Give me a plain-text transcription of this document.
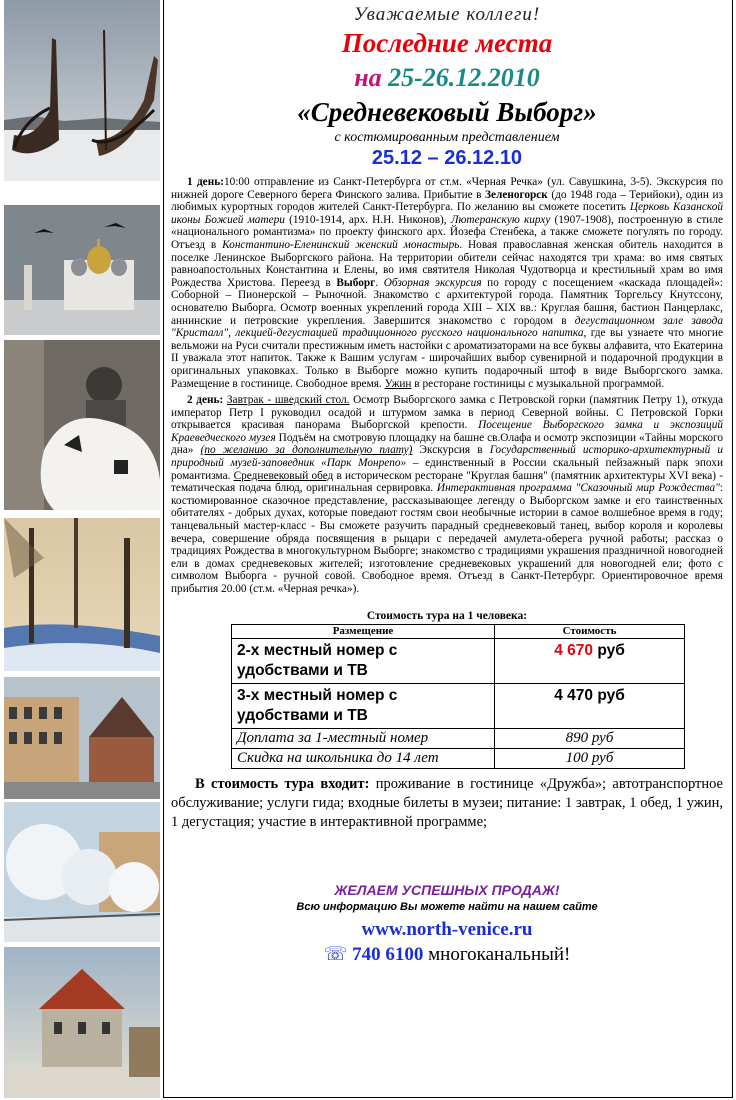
Уважаемые коллеги!
Последние места
на 25-26.12.2010
«Средневековый Выборг»
с костюмированным представлением
25.12 – 26.12.10

1 день:10:00 отправление из Санкт-Петербурга от ст.м. «Черная Речка» (ул. Савушкина, 3-5). Экскурсия по нижней дороге Северного берега Финского залива. Прибытие в Зеленогорск (до 1948 года – Терийоки), один из любимых курортных городов жителей Санкт-Петербурга. По желанию вы сможете посетить Церковь Казанской иконы Божией матери (1910-1914, арх. Н.Н. Никонов), Лютеранскую кирху (1907-1908), построенную в стиле «национального романтизма» по проекту финского арх. Йозефа Стенбека, а также сможете погулять по городу. Отъезд в Константино-Еленинский женский монастырь. Новая православная женская обитель находится в поселке Ленинское Выборгского района. На территории обители сейчас находятся три храма: во имя святых равноапостольных Константина и Елены, во имя святителя Николая Чудотворца и крестильный храм во имя Рождества Христова. Переезд в Выборг. Обзорная экскурсия по городу с посещением «каскада площадей»: Соборной – Пионерской – Рыночной. Знакомство с архитектурой города. Памятник Торгельсу Кнутссону, основателю Выборга. Осмотр военных укреплений города XIII – XIX вв.: Круглая башня, бастион Панцерлакс, аннинские и петровские укрепления. Завершится знакомство с городом в дегустационном зале завода "Кристалл", лекцией-дегустацией традиционного русского национального напитка, где вы узнаете что многие вельможи на Руси считали престижным иметь настойки с ароматизаторами на все буквы алфавита, что Екатерина II уважала этот напиток. Также к Вашим услугам - широчайших выбор сувенирной и подарочной продукции в оригинальных упаковках. Только в Выборге можно купить подарочный штоф в виде Выборгского замка. Размещение в гостинице. Свободное время. Ужин в ресторане гостиницы с музыкальной программой.

2 день: Завтрак - шведский стол. Осмотр Выборгского замка с Петровской горки (памятник Петру 1), откуда император Петр I руководил осадой и штурмом замка в период Северной войны. С Петровской Горки открывается красивая панорама Выборгской крепости. Посещение Выборгского замка и экспозиций Краеведческого музея Подъём на смотровую площадку на башне св.Олафа и осмотр экспозиции «Тайны морского дна» (по желанию за дополнительную плату) Экскурсия в Государственный историко-архитектурный и природный музей-заповедник «Парк Монрепо» – единственный в России скальный пейзажный парк эпохи романтизма. Средневековый обед в историческом ресторане "Круглая башня" (памятник архитектуры XVI века) - тематическая подача блюд, оригинальная сервировка. Интерактивная программа "Сказочный мир Рождества": костюмированное сказочное представление, рассказывающее легенду о Выборгском замке и его таинственных обитателях - добрых духах, которые поведают гостям свои необычные истории в самое волшебное время в году; танцевальный мастер-класс - Вы сможете разучить парадный средневековый танец, выбор короля и королевы вечера, совершение обряда посвящения в рыцари с передачей амулета-оберега ручной работы; рассказ о традициях Рождества в многокультурном Выборге; знакомство с традициями украшения праздничной новогодней ели в домах средневековых жителей; изготовление средневековых украшений для новогодней ели; фото с символом Выборга - ручной совой. Свободное время. Отъезд в Санкт-Петербург. Ориентировочное время прибытия 20.00 (ст.м. «Черная речка»).

Стоимость тура на 1 человека:
Размещение	Стоимость
2-х местный номер с удобствами и ТВ	4 670 руб
3-х местный номер с удобствами и ТВ	4 470 руб
Доплата за 1-местный номер	890 руб
Скидка на школьника до 14 лет	100 руб
В стоимость тура входит: проживание в гостинице «Дружба»; автотранспортное обслуживание; услуги гида; входные билеты в музеи; питание: 1 завтрак, 1 обед, 1 ужин, 1 дегустация; участие в интерактивной программе;
ЖЕЛАЕМ УСПЕШНЫХ ПРОДАЖ!
Всю информацию Вы можете найти на нашем сайте
www.north-venice.ru
☏ 740 6100 многоканальный!
